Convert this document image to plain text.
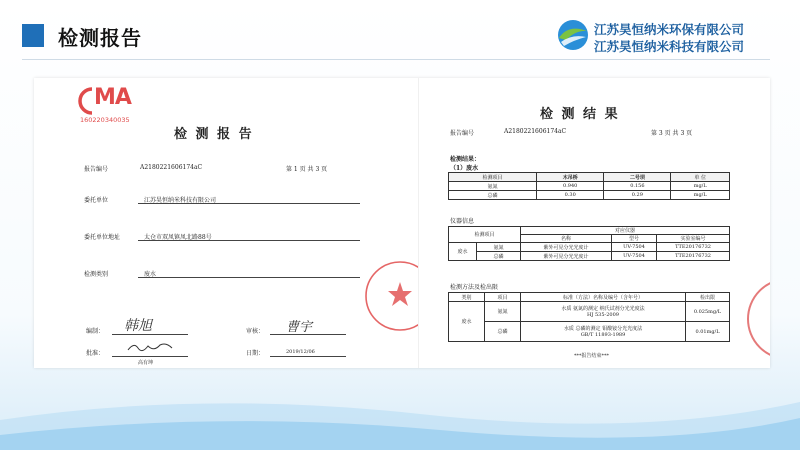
检测报告	江苏昊恒纳米环保有限公司
江苏昊恒纳米科技有限公司
MA
160220340035
检 测 报 告
报告编号	A2180221606174aC	第 1 页 共 3 页
委托单位	江苏昊恒纳米科技有限公司
委托单位地址	太仓市双凤镇凤北路88号
检测类别	废水
编制： 韩旭	审核： 曹宇
批准：
高有坤
日期：	2019/12/06
检 测 结 果
报告编号	A2180221606174aC	第 3 页 共 3 页
检测结果：
（1）废水
检测项目	木吊桥	二号坝	单 位
氨氮	0.940	0.156	mg/L
总磷	0.30	0.29	mg/L
仪器信息
检测项目		对应仪器		
		名称	型号	实验室编号
废水	氨氮	紫外可见分光光度计	UV-7504	TTE20176732
	总磷	紫外可见分光光度计	UV-7504	TTE20176732
检测方法及检出限
类别	项目	标准（方法）名称及编号（含年号）	检出限
废水	氨氮	水质 氨氮的测定 纳氏试剂分光光度法
HJ 535-2009	0.025mg/L
	总磷	水质 总磷的测定 钼酸铵分光光度法
GB/T 11893-1989	0.01mg/L
***报告结束***
